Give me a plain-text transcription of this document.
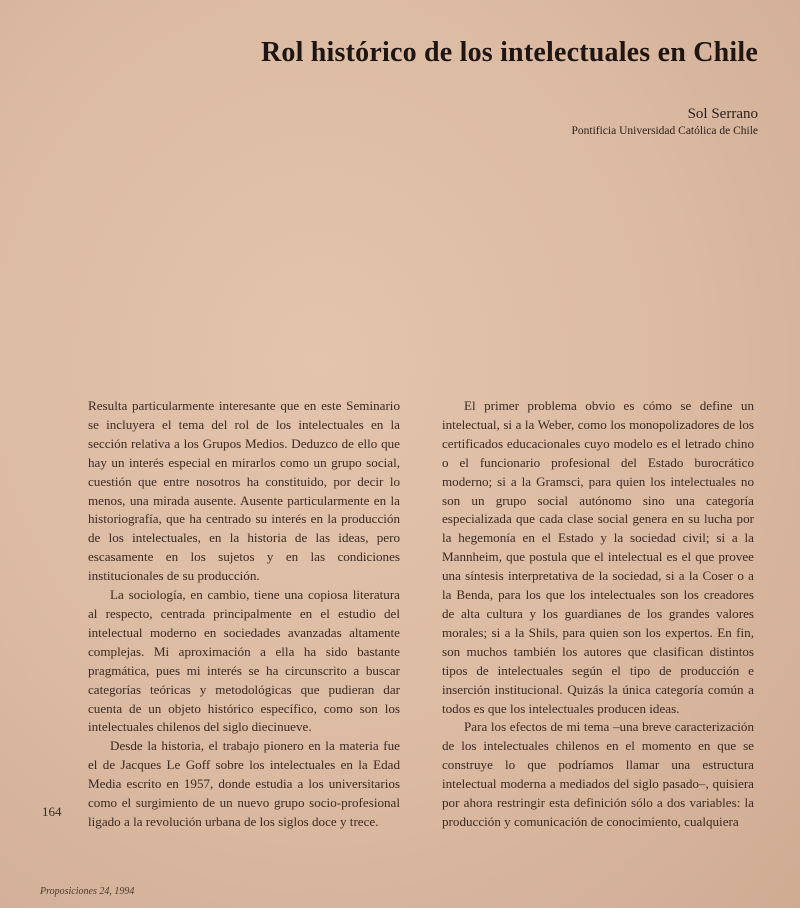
Rol histórico de los intelectuales en Chile
Sol Serrano
Pontificia Universidad Católica de Chile

Resulta particularmente interesante que en este Seminario se incluyera el tema del rol de los intelectuales en la sección relativa a los Grupos Medios. Deduzco de ello que hay un interés especial en mirarlos como un grupo social, cuestión que entre nosotros ha constituido, por decir lo menos, una mirada ausente. Ausente particularmente en la historiografía, que ha centrado su interés en la producción de los intelectuales, en la historia de las ideas, pero escasamente en los sujetos y en las condiciones institucionales de su producción.

La sociología, en cambio, tiene una copiosa literatura al respecto, centrada principalmente en el estudio del intelectual moderno en sociedades avanzadas altamente complejas. Mi aproximación a ella ha sido bastante pragmática, pues mi interés se ha circunscrito a buscar categorías teóricas y metodológicas que pudieran dar cuenta de un objeto histórico específico, como son los intelectuales chilenos del siglo diecinueve.

Desde la historia, el trabajo pionero en la materia fue el de Jacques Le Goff sobre los intelectuales en la Edad Media escrito en 1957, donde estudia a los universitarios como el surgimiento de un nuevo grupo socio-profesional ligado a la revolución urbana de los siglos doce y trece.

El primer problema obvio es cómo se define un intelectual, si a la Weber, como los monopolizadores de los certificados educacionales cuyo modelo es el letrado chino o el funcionario profesional del Estado burocrático moderno; si a la Gramsci, para quien los intelectuales no son un grupo social autónomo sino una categoría especializada que cada clase social genera en su lucha por la hegemonía en el Estado y la sociedad civil; si a la Mannheim, que postula que el intelectual es el que provee una síntesis interpretativa de la sociedad, si a la Coser o a la Benda, para los que los intelectuales son los creadores de alta cultura y los guardianes de los grandes valores morales; si a la Shils, para quien son los expertos. En fin, son muchos también los autores que clasifican distintos tipos de intelectuales según el tipo de producción e inserción institucional. Quizás la única categoría común a todos es que los intelectuales producen ideas.

Para los efectos de mi tema –una breve caracterización de los intelectuales chilenos en el momento en que se construye lo que podríamos llamar una estructura intelectual moderna a mediados del siglo pasado–, quisiera por ahora restringir esta definición sólo a dos variables: la producción y comunicación de conocimiento, cualquiera

164
Proposiciones 24, 1994
